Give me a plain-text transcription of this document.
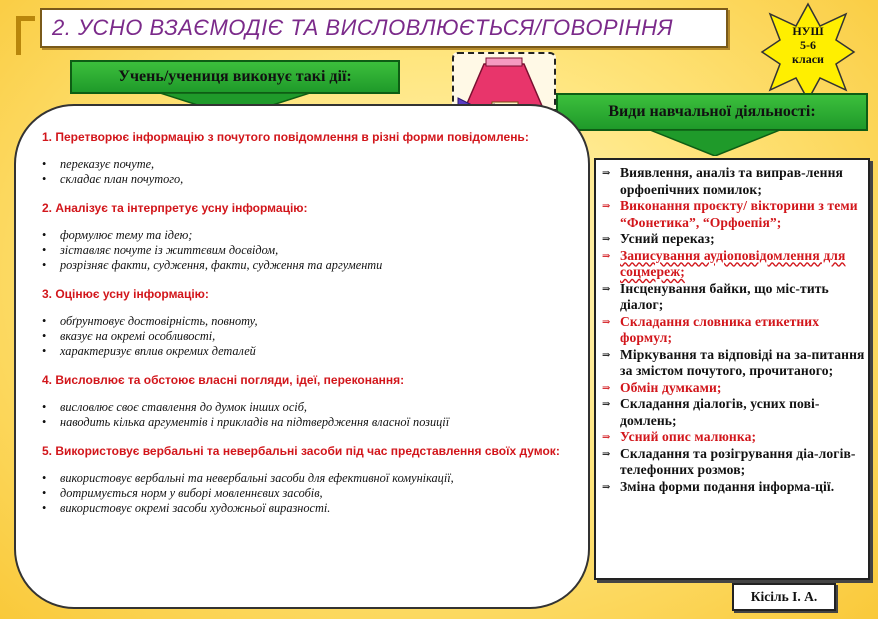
2. УСНО ВЗАЄМОДІЄ ТА ВИСЛОВЛЮЄТЬСЯ/ГОВОРІННЯ	НУШ
5-6
класи
Учень/учениця виконує такі дії:
Види навчальної діяльності:
1. Перетворює інформацію з почутого повідомлення в різні форми повідомлень:
• переказує почуте,
• складає план почутого,
2. Аналізує та інтерпретує усну інформацію:
• формулює тему та ідею;
• зіставляє почуте із життєвим досвідом,
• розрізняє факти, судження, факти, судження та аргументи
3. Оцінює усну інформацію:
• обґрунтовує достовірність, повноту,
• вказує на окремі особливості,
• характеризує вплив окремих деталей
4. Висловлює та обстоює власні погляди, ідеї, переконання:
• висловлює своє ставлення до думок інших осіб,
• наводить кілька аргументів і прикладів на підтвердження власної позиції
5. Використовує вербальні та невербальні засоби під час представлення своїх думок:
• використовує вербальні та невербальні засоби для ефективної комунікації,
• дотримується норм у виборі мовленнєвих засобів,
• використовує окремі засоби художньої виразності.
⇒ Виявлення, аналіз та виправ-лення орфоепічних помилок;
⇒ Виконання проєкту/ вікторини з теми “Фонетика”, “Орфоепія”;
⇒ Усний переказ;
⇒ Записування аудіоповідомлення для соцмереж;
⇒ Інсценування байки, що міс-тить діалог;
⇒ Складання словника етикетних формул;
⇒ Міркування та відповіді на за-питання за змістом почутого, прочитаного;
⇒ Обмін думками;
⇒ Складання діалогів, усних пові-домлень;
⇒ Усний опис малюнка;
⇒ Складання та розігрування діа-логів-телефонних розмов;
⇒ Зміна форми подання інформа-ції.
Кісіль І. А.
